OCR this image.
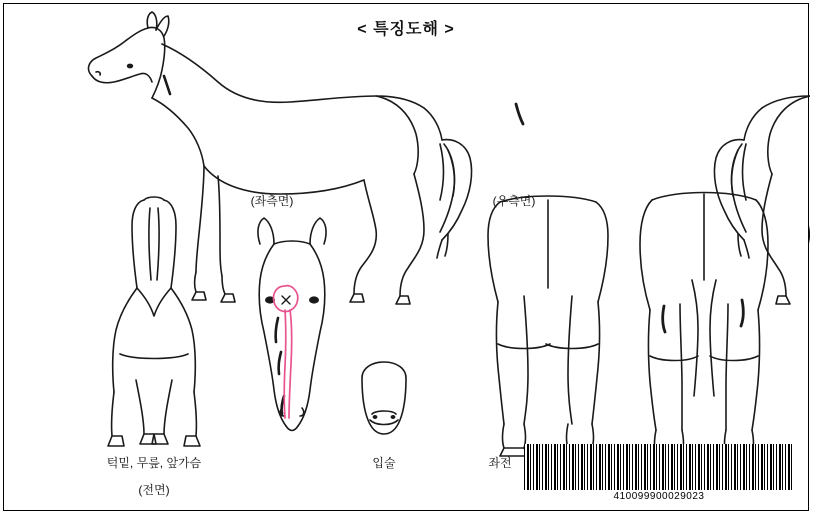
< 특징도해 >
(좌측면)	(우측면)
턱밑, 무릎, 앞가슴
(전면)
입술	좌전
410099900029023
